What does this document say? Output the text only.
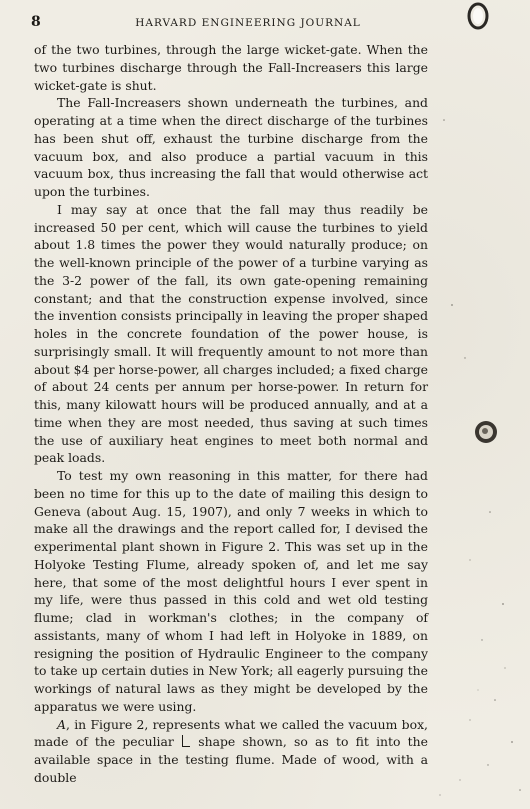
8	HARVARD ENGINEERING JOURNAL

of the two turbines, through the large wicket-gate. When the two turbines discharge through the Fall-Increasers this large wicket-gate is shut.

The Fall-Increasers shown underneath the turbines, and operating at a time when the direct discharge of the turbines has been shut off, exhaust the turbine discharge from the vacuum box, and also produce a partial vacuum in this vacuum box, thus increasing the fall that would otherwise act upon the turbines.

I may say at once that the fall may thus readily be increased 50 per cent, which will cause the turbines to yield about 1.8 times the power they would naturally produce; on the well-known principle of the power of a turbine varying as the 3-2 power of the fall, its own gate-opening remaining constant; and that the construction expense involved, since the invention consists principally in leaving the proper shaped holes in the concrete foundation of the power house, is surprisingly small. It will frequently amount to not more than about $4 per horse-power, all charges included; a fixed charge of about 24 cents per annum per horse-power. In return for this, many kilowatt hours will be produced annually, and at a time when they are most needed, thus saving at such times the use of auxiliary heat engines to meet both normal and peak loads.

To test my own reasoning in this matter, for there had been no time for this up to the date of mailing this design to Geneva (about Aug. 15, 1907), and only 7 weeks in which to make all the drawings and the report called for, I devised the experimental plant shown in Figure 2. This was set up in the Holyoke Testing Flume, already spoken of, and let me say here, that some of the most delightful hours I ever spent in my life, were thus passed in this cold and wet old testing flume; clad in workman's clothes; in the company of assistants, many of whom I had left in Holyoke in 1889, on resigning the position of Hydraulic Engineer to the company to take up certain duties in New York; all eagerly pursuing the workings of natural laws as they might be developed by the apparatus we were using.

A, in Figure 2, represents what we called the vacuum box, made of the peculiar shape shown, so as to fit into the available space in the testing flume. Made of wood, with a double
